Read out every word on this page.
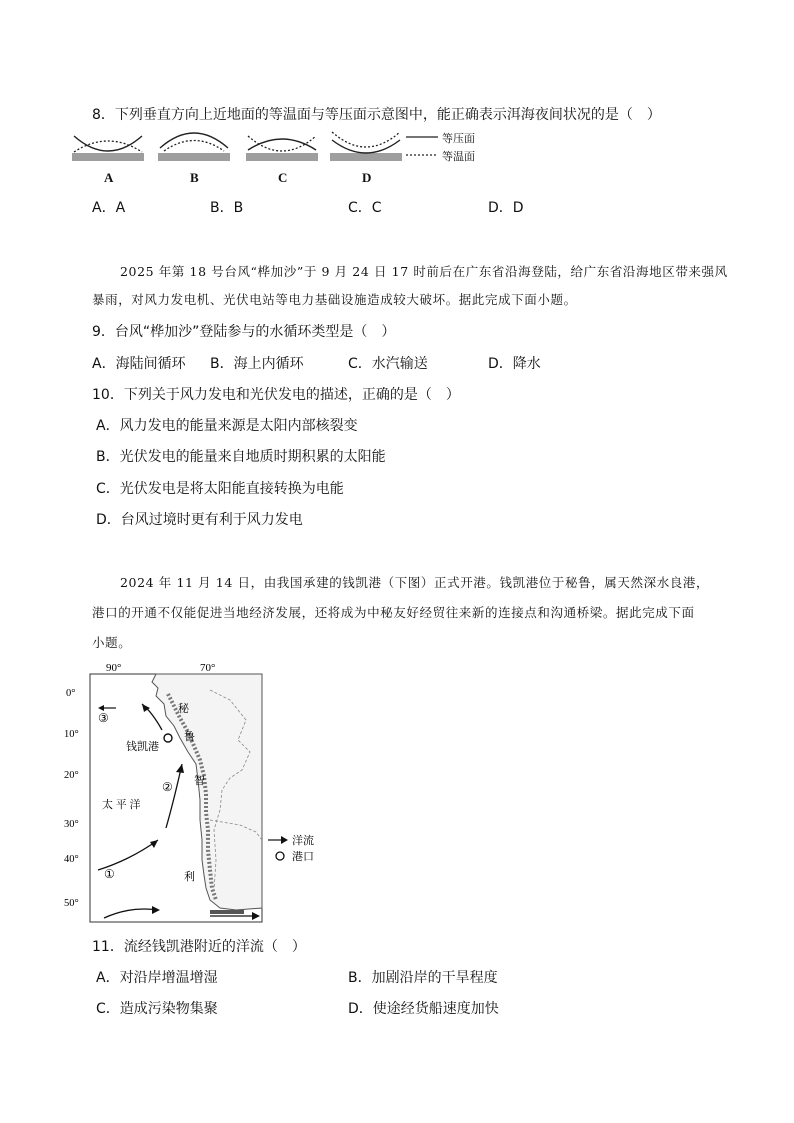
8．下列垂直方向上近地面的等温面与等压面示意图中，能正确表示洱海夜间状况的是（　）
等压面
等温面
A	B	C	D
A．A	B．B	C．C	D．D
2025 年第 18 号台风“桦加沙”于 9 月 24 日 17 时前后在广东省沿海登陆，给广东省沿海地区带来强风
暴雨，对风力发电机、光伏电站等电力基础设施造成较大破坏。据此完成下面小题。
9．台风“桦加沙”登陆参与的水循环类型是（　）
A．海陆间循环 B．海上内循环	C．水汽输送	D．降水
10．下列关于风力发电和光伏发电的描述，正确的是（　）
A．风力发电的能量来源是太阳内部核裂变
B．光伏发电的能量来自地质时期积累的太阳能
C．光伏发电是将太阳能直接转换为电能
D．台风过境时更有利于风力发电
2024 年 11 月 14 日，由我国承建的钱凯港（下图）正式开港。钱凯港位于秘鲁，属天然深水良港，
港口的开通不仅能促进当地经济发展，还将成为中秘友好经贸往来新的连接点和沟通桥梁。据此完成下面
小题。
90°	70°
0°
10°
20°
30°
40°
50°
秘
鲁
智
利
钱凯港
太 平 洋
①
②
③
洋流
港口
11．流经钱凯港附近的洋流（　）
A．对沿岸增温增湿	B．加剧沿岸的干旱程度
C．造成污染物集聚	D．使途经货船速度加快
